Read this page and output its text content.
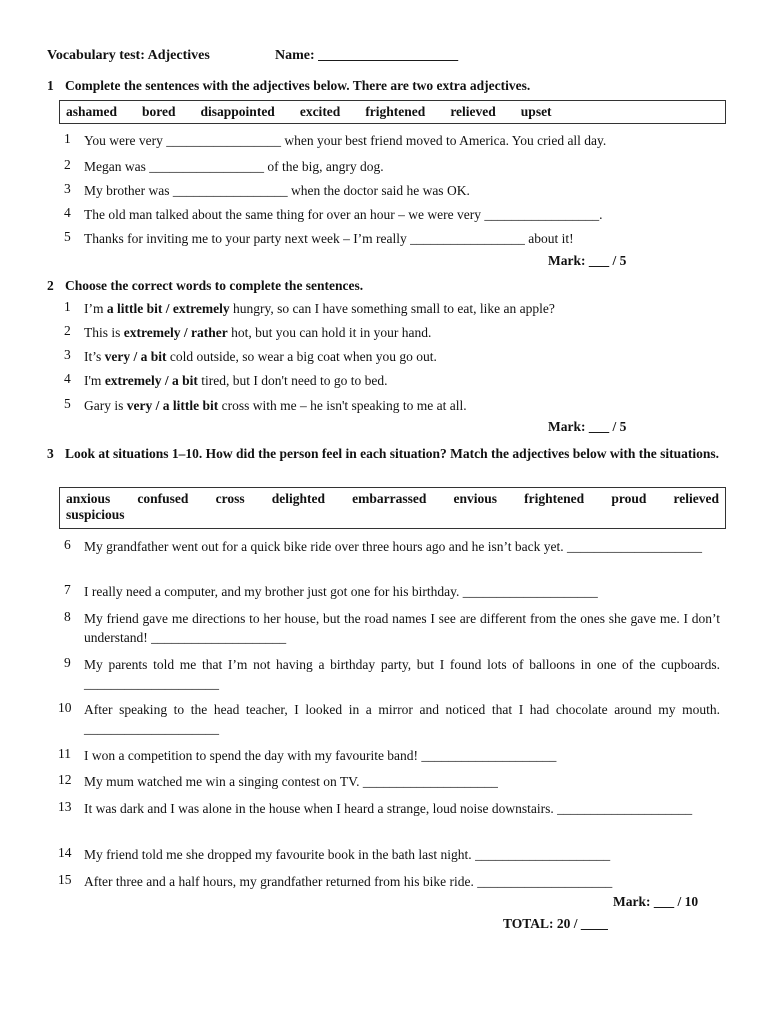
Vocabulary test: Adjectives	Name: ____________________
1 Complete the sentences with the adjectives below. There are two extra adjectives.
ashamed bored disappointed excited frightened relieved upset
1 You were very _________________ when your best friend moved to America. You cried all day.
2 Megan was _________________ of the big, angry dog.
3 My brother was _________________ when the doctor said he was OK.
4 The old man talked about the same thing for over an hour – we were very _________________.
5 Thanks for inviting me to your party next week – I’m really _________________ about it!
Mark: ___ / 5
2 Choose the correct words to complete the sentences.
1 I’m a little bit / extremely hungry, so can I have something small to eat, like an apple?
2 This is extremely / rather hot, but you can hold it in your hand.
3 It’s very / a bit cold outside, so wear a big coat when you go out.
4 I'm extremely / a bit tired, but I don't need to go to bed.
5 Gary is very / a little bit cross with me – he isn't speaking to me at all.
Mark: ___ / 5
3 Look at situations 1–10. How did the person feel in each situation? Match the adjectives below with the situations.
anxious confused cross delighted embarrassed envious frightened proud relieved
suspicious
6 My grandfather went out for a quick bike ride over three hours ago and he isn’t back yet. ____________________
7 I really need a computer, and my brother just got one for his birthday. ____________________
8 My friend gave me directions to her house, but the road names I see are different from the ones she gave me. I don’t understand! ____________________
9 My parents told me that I’m not having a birthday party, but I found lots of balloons in one of the cupboards. ____________________
10 After speaking to the head teacher, I looked in a mirror and noticed that I had chocolate around my mouth. ____________________
11 I won a competition to spend the day with my favourite band! ____________________
12 My mum watched me win a singing contest on TV. ____________________
13 It was dark and I was alone in the house when I heard a strange, loud noise downstairs. ____________________
14 My friend told me she dropped my favourite book in the bath last night. ____________________
15 After three and a half hours, my grandfather returned from his bike ride. ____________________
Mark: ___ / 10
TOTAL: 20 / ____
